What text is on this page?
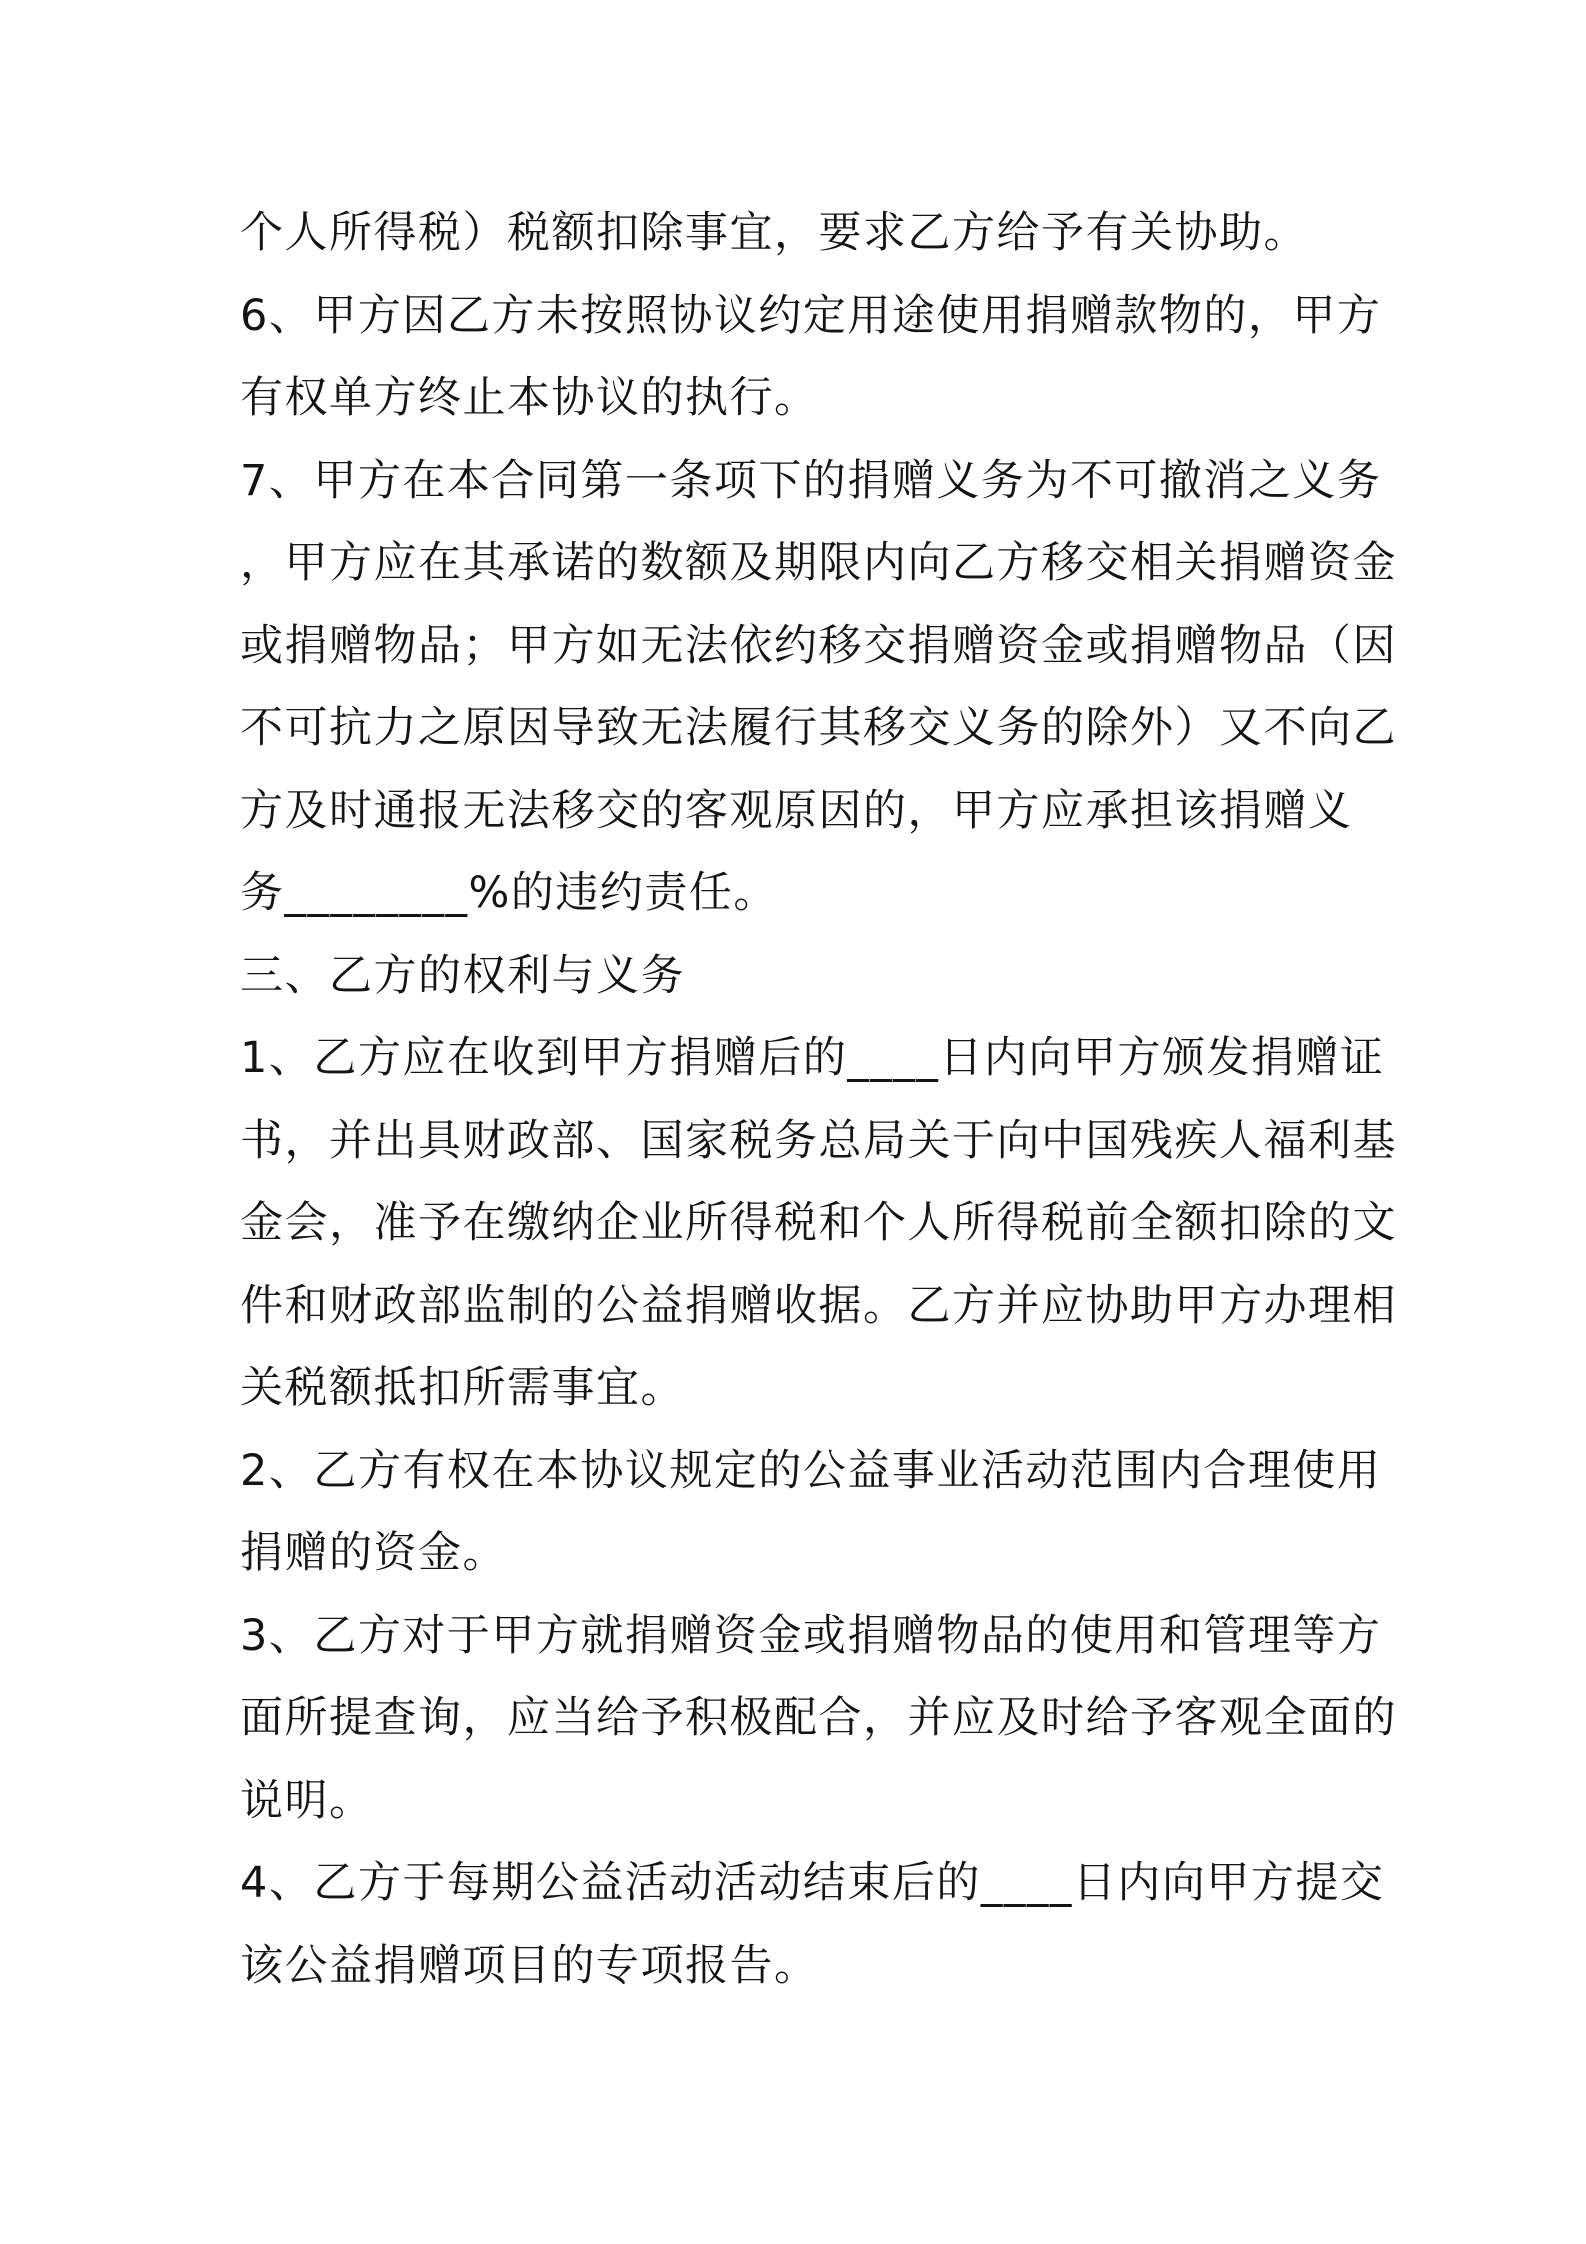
个人所得税）税额扣除事宜，要求乙方给予有关协助。
6、甲方因乙方未按照协议约定用途使用捐赠款物的，甲方
有权单方终止本协议的执行。
7、甲方在本合同第一条项下的捐赠义务为不可撤消之义务
，甲方应在其承诺的数额及期限内向乙方移交相关捐赠资金
或捐赠物品；甲方如无法依约移交捐赠资金或捐赠物品（因
不可抗力之原因导致无法履行其移交义务的除外）又不向乙
方及时通报无法移交的客观原因的，甲方应承担该捐赠义
务________%的违约责任。
三、乙方的权利与义务
1、乙方应在收到甲方捐赠后的____日内向甲方颁发捐赠证
书，并出具财政部、国家税务总局关于向中国残疾人福利基
金会，准予在缴纳企业所得税和个人所得税前全额扣除的文
件和财政部监制的公益捐赠收据。乙方并应协助甲方办理相
关税额抵扣所需事宜。
2、乙方有权在本协议规定的公益事业活动范围内合理使用
捐赠的资金。
3、乙方对于甲方就捐赠资金或捐赠物品的使用和管理等方
面所提查询，应当给予积极配合，并应及时给予客观全面的
说明。
4、乙方于每期公益活动活动结束后的____日内向甲方提交
该公益捐赠项目的专项报告。
